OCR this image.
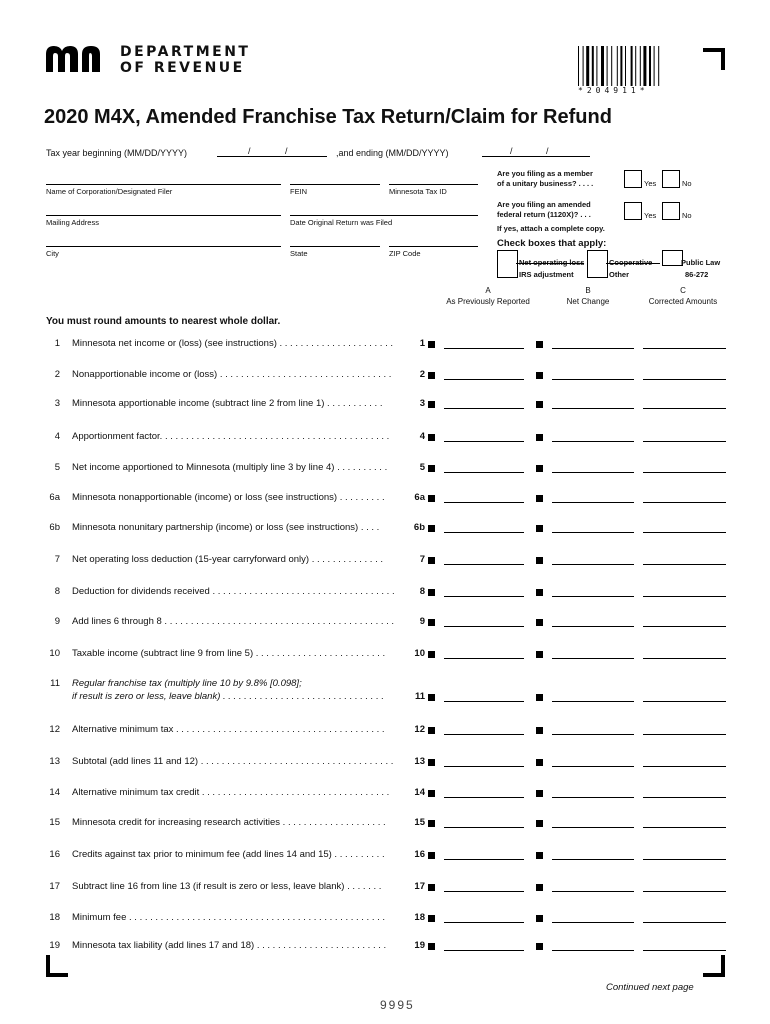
DEPARTMENT
OF REVENUE
*204911*
2020 M4X, Amended Franchise Tax Return/Claim for Refund
Tax year beginning (MM/DD/YYYY)	/	/	,and ending (MM/DD/YYYY)	/	/
Name of Corporation/Designated Filer	FEIN	Minnesota Tax ID
Mailing Address	Date Original Return was Filed
City	State	ZIP Code
Are you filing as a member
of a unitary business? . . . .	Yes	No
Are you filing an amended
federal return (1120X)? . . .	Yes	No
If yes, attach a complete copy.
Check boxes that apply:
Net operating loss
IRS adjustment
Cooperative
Other
Public Law
86-272
A
As Previously Reported
B
Net Change
C
Corrected Amounts
You must round amounts to nearest whole dollar.
1 Minnesota net income or (loss) (see instructions) . . . . . . . . . . . . . . . . . . . . . .	1
2 Nonapportionable income or (loss) . . . . . . . . . . . . . . . . . . . . . . . . . . . . . . . . .	2
3 Minnesota apportionable income (subtract line 2 from line 1) . . . . . . . . . . .	3
4 Apportionment factor. . . . . . . . . . . . . . . . . . . . . . . . . . . . . . . . . . . . . . . . . . . .	4
5 Net income apportioned to Minnesota (multiply line 3 by line 4) . . . . . . . . . .	5
6a Minnesota nonapportionable (income) or loss (see instructions) . . . . . . . . .	6a
6b Minnesota nonunitary partnership (income) or loss (see instructions) . . . .	6b
7 Net operating loss deduction (15-year carryforward only) . . . . . . . . . . . . . .	7
8 Deduction for dividends received . . . . . . . . . . . . . . . . . . . . . . . . . . . . . . . . . . .	8
9 Add lines 6 through 8 . . . . . . . . . . . . . . . . . . . . . . . . . . . . . . . . . . . . . . . . . . . .	9
10 Taxable income (subtract line 9 from line 5) . . . . . . . . . . . . . . . . . . . . . . . . .	10
11 Regular franchise tax (multiply line 10 by 9.8% [0.098];
if result is zero or less, leave blank) . . . . . . . . . . . . . . . . . . . . . . . . . . . . . . .	11
12 Alternative minimum tax . . . . . . . . . . . . . . . . . . . . . . . . . . . . . . . . . . . . . . . .	12
13 Subtotal (add lines 11 and 12) . . . . . . . . . . . . . . . . . . . . . . . . . . . . . . . . . . . . .	13
14 Alternative minimum tax credit . . . . . . . . . . . . . . . . . . . . . . . . . . . . . . . . . . . .	14
15 Minnesota credit for increasing research activities . . . . . . . . . . . . . . . . . . . .	15
16 Credits against tax prior to minimum fee (add lines 14 and 15) . . . . . . . . . .	16
17 Subtract line 16 from line 13 (if result is zero or less, leave blank) . . . . . . .	17
18 Minimum fee . . . . . . . . . . . . . . . . . . . . . . . . . . . . . . . . . . . . . . . . . . . . . . . . .	18
19 Minnesota tax liability (add lines 17 and 18) . . . . . . . . . . . . . . . . . . . . . . . . .	19
Continued next page
9995
